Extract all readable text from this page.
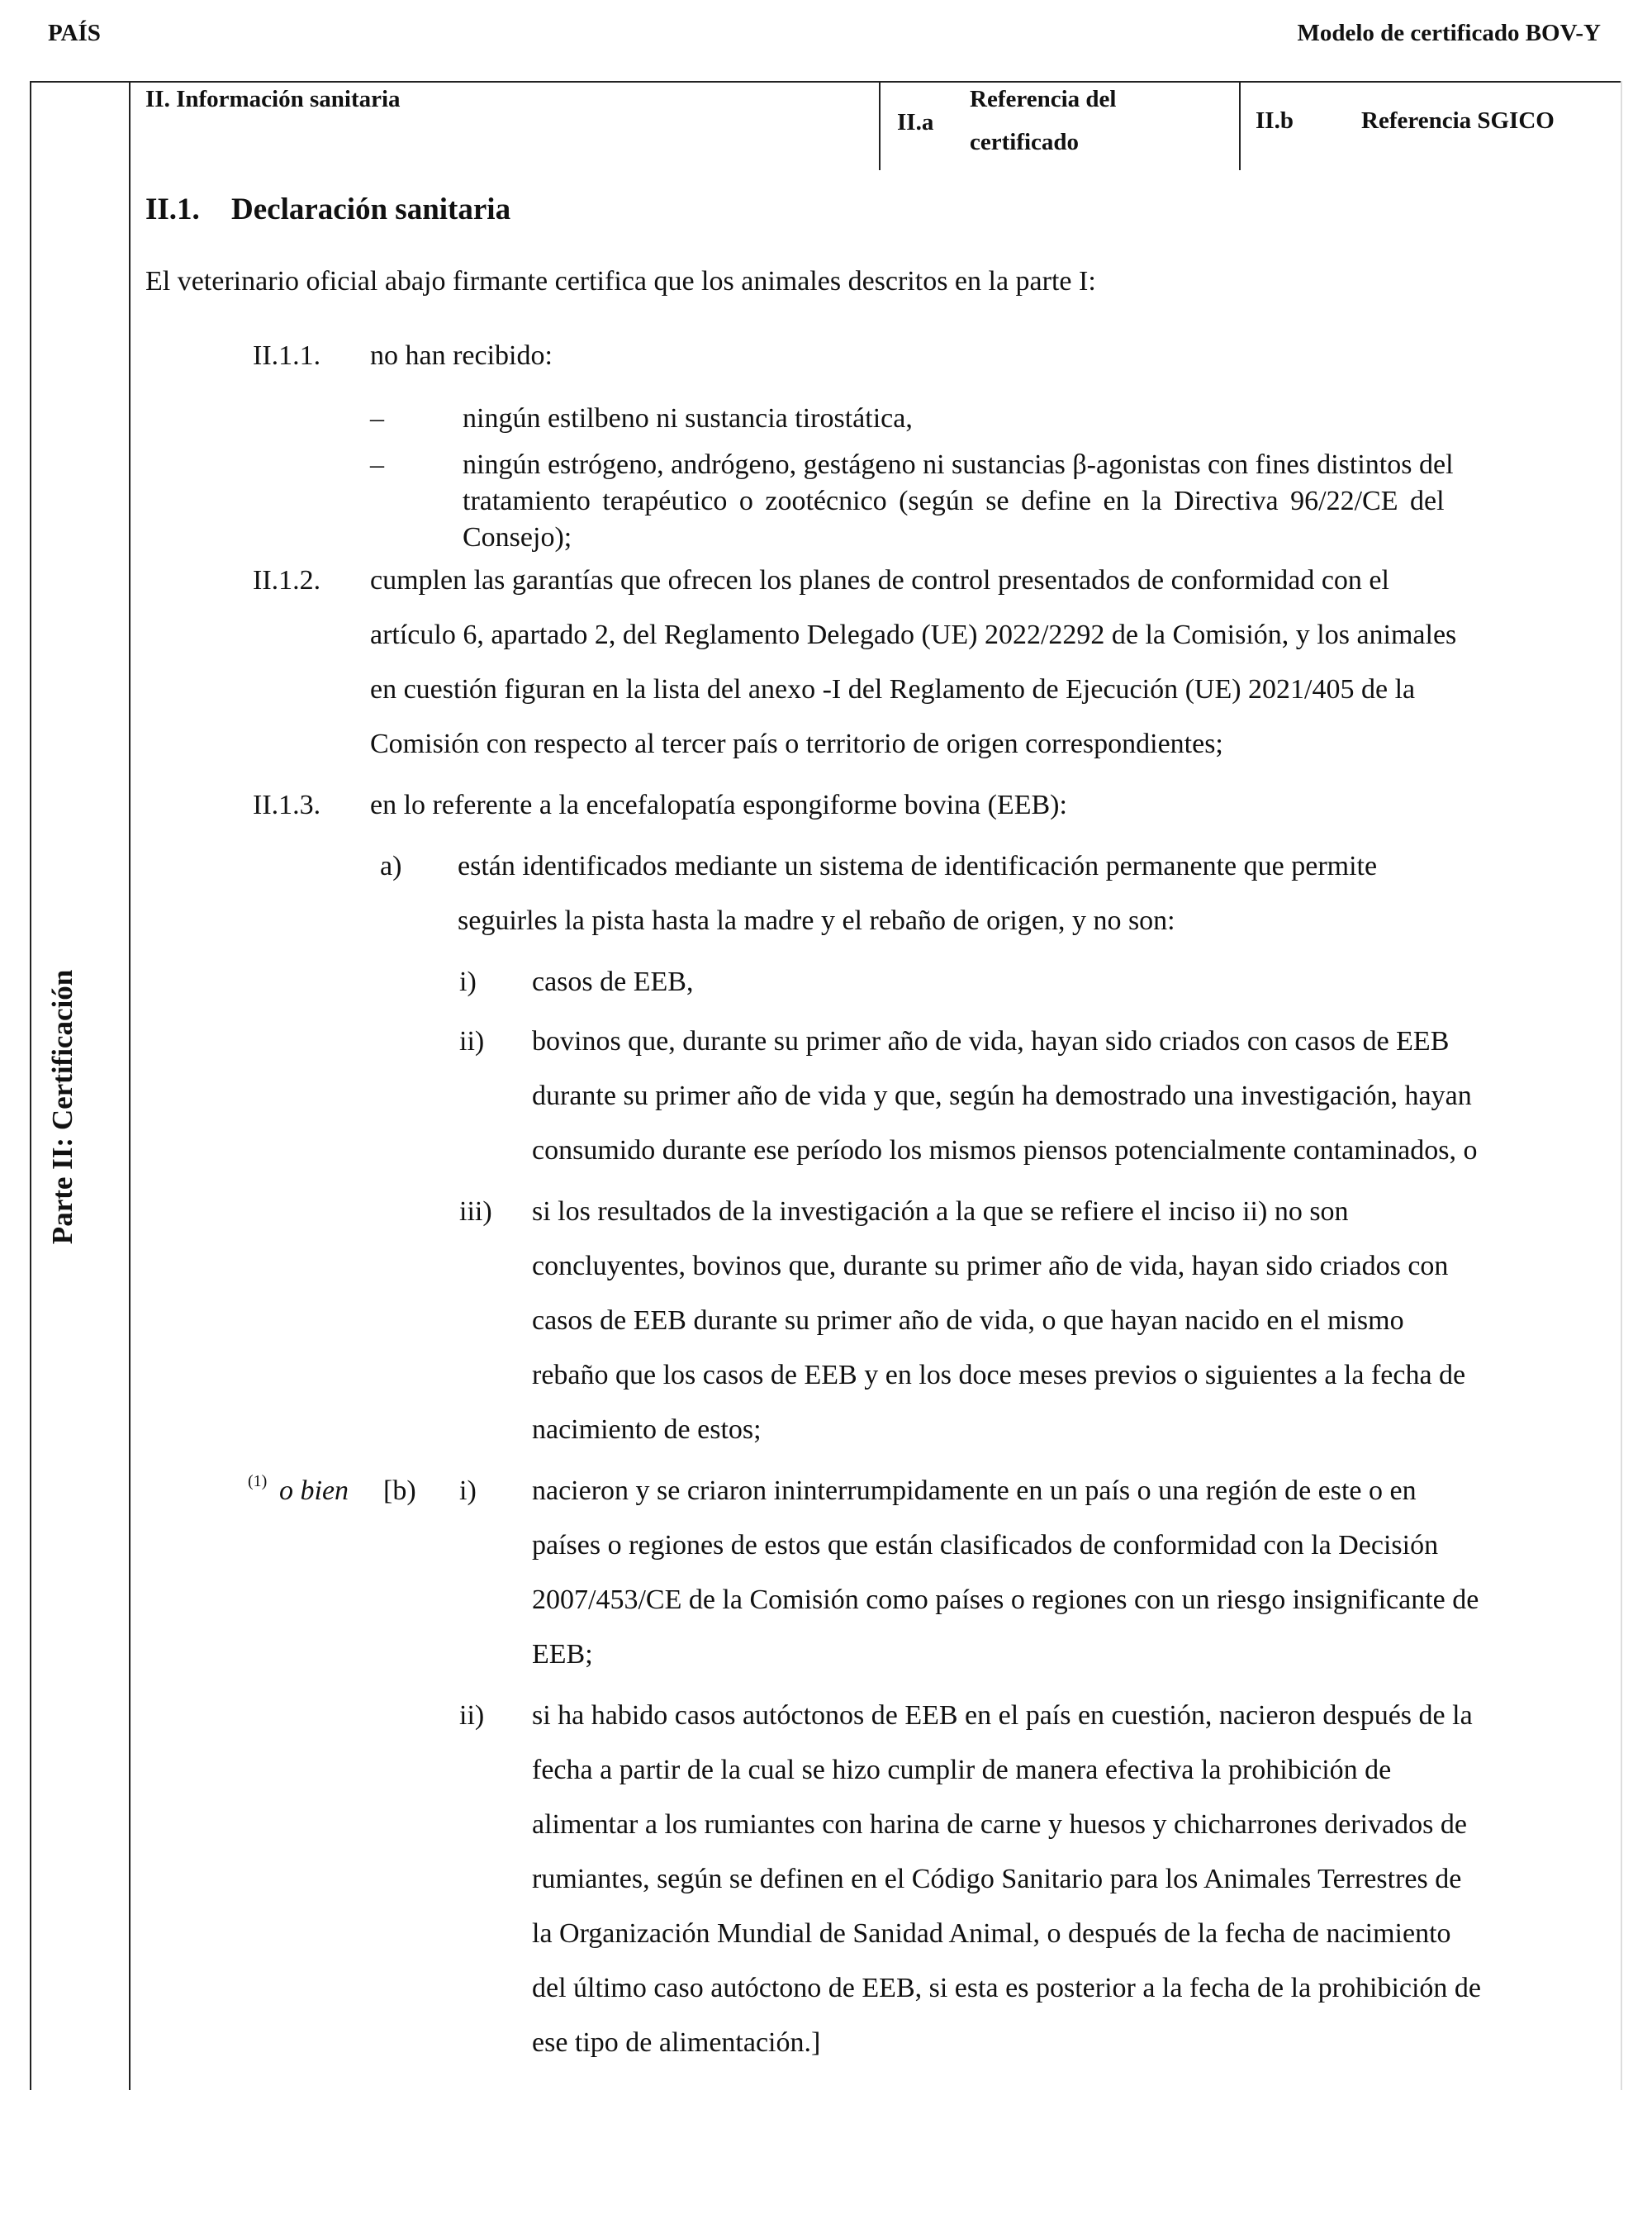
PAÍS	Modelo de certificado BOV-Y
Parte II: Certificación
II. Información sanitaria
II.a
Referencia del
certificado
II.b	Referencia SGICO
II.1. Declaración sanitaria
El veterinario oficial abajo firmante certifica que los animales descritos en la parte I:
II.1.1. no han recibido:
–	ningún estilbeno ni sustancia tirostática,
–	ningún estrógeno, andrógeno, gestágeno ni sustancias β-agonistas con fines distintos del
tratamiento terapéutico o zootécnico (según se define en la Directiva 96/22/CE del
Consejo);
II.1.2. cumplen las garantías que ofrecen los planes de control presentados de conformidad con el
artículo 6, apartado 2, del Reglamento Delegado (UE) 2022/2292 de la Comisión, y los animales
en cuestión figuran en la lista del anexo -I del Reglamento de Ejecución (UE) 2021/405 de la
Comisión con respecto al tercer país o territorio de origen correspondientes;
II.1.3. en lo referente a la encefalopatía espongiforme bovina (EEB):
a) están identificados mediante un sistema de identificación permanente que permite
seguirles la pista hasta la madre y el rebaño de origen, y no son:
i) casos de EEB,
ii) bovinos que, durante su primer año de vida, hayan sido criados con casos de EEB
durante su primer año de vida y que, según ha demostrado una investigación, hayan
consumido durante ese período los mismos piensos potencialmente contaminados, o
iii) si los resultados de la investigación a la que se refiere el inciso ii) no son
concluyentes, bovinos que, durante su primer año de vida, hayan sido criados con
casos de EEB durante su primer año de vida, o que hayan nacido en el mismo
rebaño que los casos de EEB y en los doce meses previos o siguientes a la fecha de
nacimiento de estos;
(1) o bien [b) i) nacieron y se criaron ininterrumpidamente en un país o una región de este o en
países o regiones de estos que están clasificados de conformidad con la Decisión
2007/453/CE de la Comisión como países o regiones con un riesgo insignificante de
EEB;
ii) si ha habido casos autóctonos de EEB en el país en cuestión, nacieron después de la
fecha a partir de la cual se hizo cumplir de manera efectiva la prohibición de
alimentar a los rumiantes con harina de carne y huesos y chicharrones derivados de
rumiantes, según se definen en el Código Sanitario para los Animales Terrestres de
la Organización Mundial de Sanidad Animal, o después de la fecha de nacimiento
del último caso autóctono de EEB, si esta es posterior a la fecha de la prohibición de
ese tipo de alimentación.]
